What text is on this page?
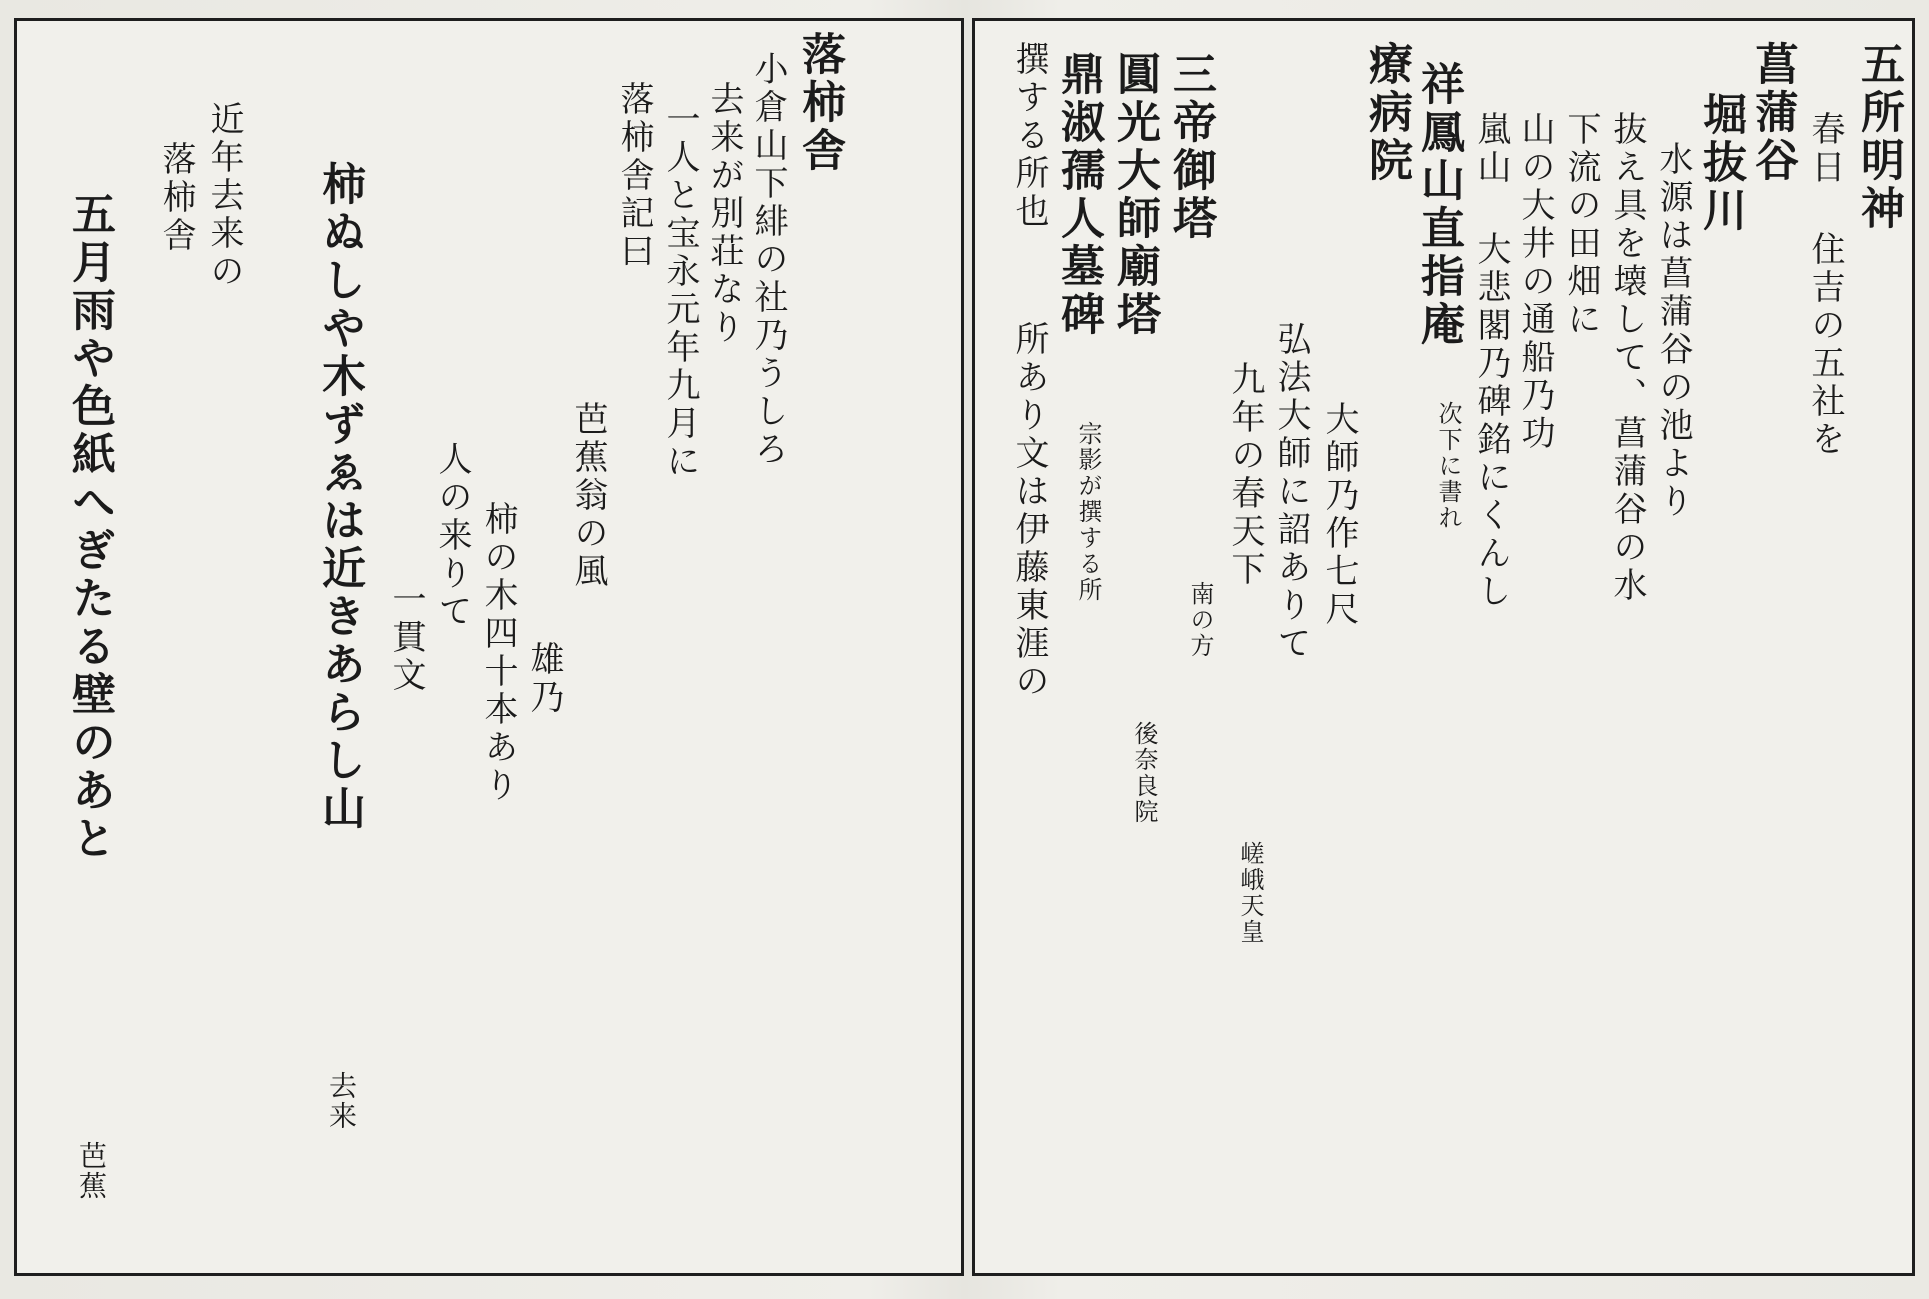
五所明神
春日 住吉の五社を
菖蒲谷
堀抜川
水源は菖蒲谷の池より
抜え具を壊して、菖蒲谷の水
下流の田畑に
山の大井の通船乃功
嵐山 大悲閣乃碑銘にくんし
祥鳳山直指庵
療病院
大師乃作七尺
弘法大師に詔ありて
九年の春天下
三帝御塔
圓光大師廟塔
鼎淑孺人墓碑
所あり文は伊藤東涯の
撰する所也
南の方
後奈良院
嵯峨天皇
宗影が撰する所	次下に書れ
落柿舎
小倉山下緋の社乃うしろ
去来が別荘なり
一人と宝永元年九月に
落柿舎記曰
芭蕉翁の風
雄乃
柿の木四十本あり
人の来りて
一貫文
柿ぬしや木ずゑは近きあらし山
去来
近年去来の
落柿舎
五月雨や色紙へぎたる壁のあと
芭蕉
